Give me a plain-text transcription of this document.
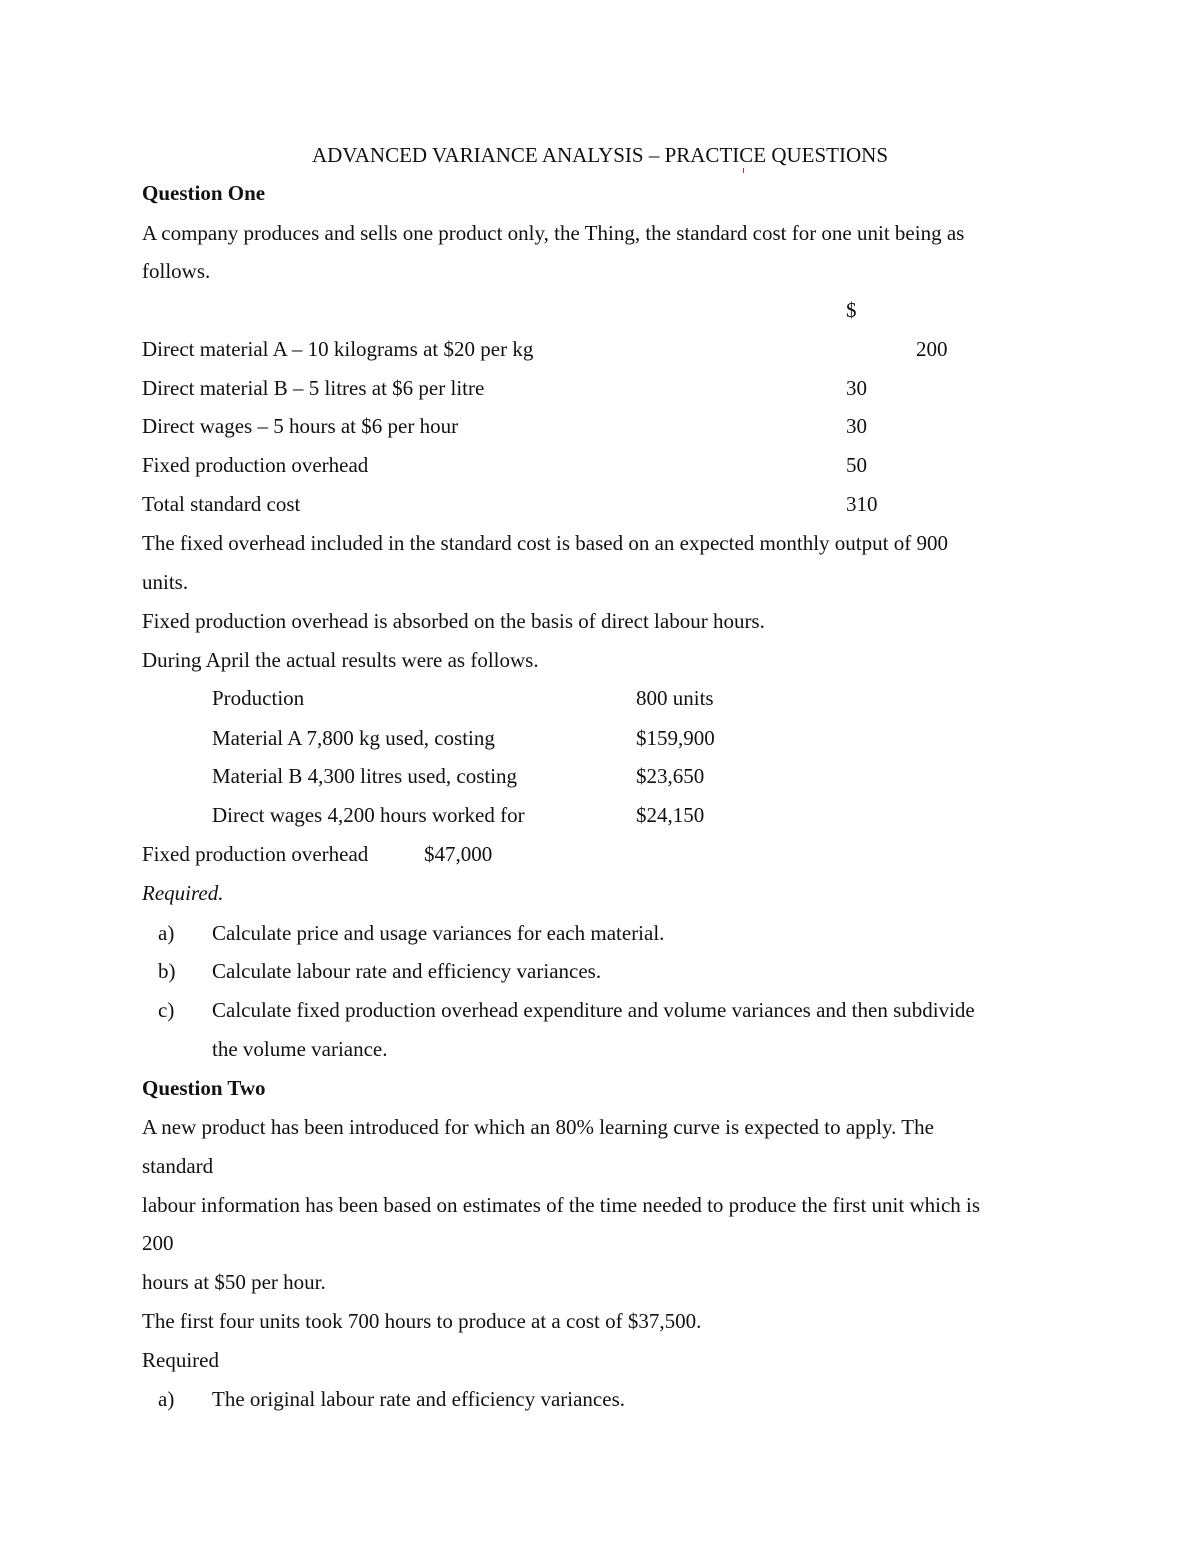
ADVANCED VARIANCE ANALYSIS – PRACTICE QUESTIONS
Question One
A company produces and sells one product only, the Thing, the standard cost for one unit being as
follows.
$
Direct material A – 10 kilograms at $20 per kg	200
Direct material B – 5 litres at $6 per litre	30
Direct wages – 5 hours at $6 per hour	30
Fixed production overhead	50
Total standard cost	310
The fixed overhead included in the standard cost is based on an expected monthly output of 900
units.
Fixed production overhead is absorbed on the basis of direct labour hours.
During April the actual results were as follows.
Production	800 units
Material A 7,800 kg used, costing	$159,900
Material B 4,300 litres used, costing	$23,650
Direct wages 4,200 hours worked for	$24,150
Fixed production overhead	$47,000
Required.
a) Calculate price and usage variances for each material.
b) Calculate labour rate and efficiency variances.
c) Calculate fixed production overhead expenditure and volume variances and then subdivide
the volume variance.
Question Two
A new product has been introduced for which an 80% learning curve is expected to apply. The
standard
labour information has been based on estimates of the time needed to produce the first unit which is
200
hours at $50 per hour.
The first four units took 700 hours to produce at a cost of $37,500.
Required
a) The original labour rate and efficiency variances.
